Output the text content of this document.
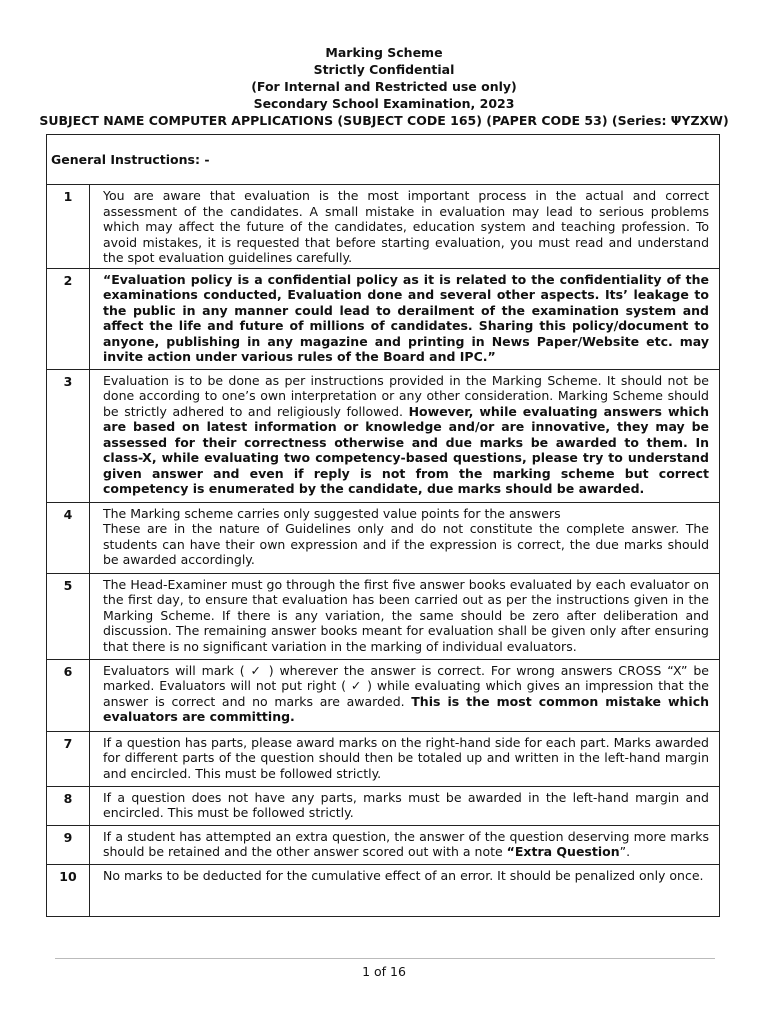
Marking Scheme
Strictly Confidential
(For Internal and Restricted use only)
Secondary School Examination, 2023
SUBJECT NAME COMPUTER APPLICATIONS (SUBJECT CODE 165) (PAPER CODE 53) (Series: ΨYZXW)
General Instructions: -	
1	You are aware that evaluation is the most important process in the actual and correct assessment of the candidates. A small mistake in evaluation may lead to serious problems which may affect the future of the candidates, education system and teaching profession. To avoid mistakes, it is requested that before starting evaluation, you must read and understand the spot evaluation guidelines carefully.
2	“Evaluation policy is a confidential policy as it is related to the confidentiality of the examinations conducted, Evaluation done and several other aspects. Its’ leakage to the public in any manner could lead to derailment of the examination system and affect the life and future of millions of candidates. Sharing this policy/document to anyone, publishing in any magazine and printing in News Paper/Website etc. may invite action under various rules of the Board and IPC.”
3	Evaluation is to be done as per instructions provided in the Marking Scheme. It should not be done according to one’s own interpretation or any other consideration. Marking Scheme should be strictly adhered to and religiously followed. However, while evaluating answers which are based on latest information or knowledge and/or are innovative, they may be assessed for their correctness otherwise and due marks be awarded to them. In class-X, while evaluating two competency-based questions, please try to understand given answer and even if reply is not from the marking scheme but correct competency is enumerated by the candidate, due marks should be awarded.
4	The Marking scheme carries only suggested value points for the answers
These are in the nature of Guidelines only and do not constitute the complete answer. The students can have their own expression and if the expression is correct, the due marks should be awarded accordingly.
5	The Head-Examiner must go through the first five answer books evaluated by each evaluator on the first day, to ensure that evaluation has been carried out as per the instructions given in the Marking Scheme. If there is any variation, the same should be zero after deliberation and discussion. The remaining answer books meant for evaluation shall be given only after ensuring that there is no significant variation in the marking of individual evaluators.
6	Evaluators will mark ( ✓ ) wherever the answer is correct. For wrong answers CROSS “X” be marked. Evaluators will not put right ( ✓ ) while evaluating which gives an impression that the answer is correct and no marks are awarded. This is the most common mistake which evaluators are committing.
7	If a question has parts, please award marks on the right-hand side for each part. Marks awarded for different parts of the question should then be totaled up and written in the left-hand margin and encircled. This must be followed strictly.
8	If a question does not have any parts, marks must be awarded in the left-hand margin and encircled. This must be followed strictly.
9	If a student has attempted an extra question, the answer of the question deserving more marks should be retained and the other answer scored out with a note “Extra Question”.
10	No marks to be deducted for the cumulative effect of an error. It should be penalized only once.
1 of 16
